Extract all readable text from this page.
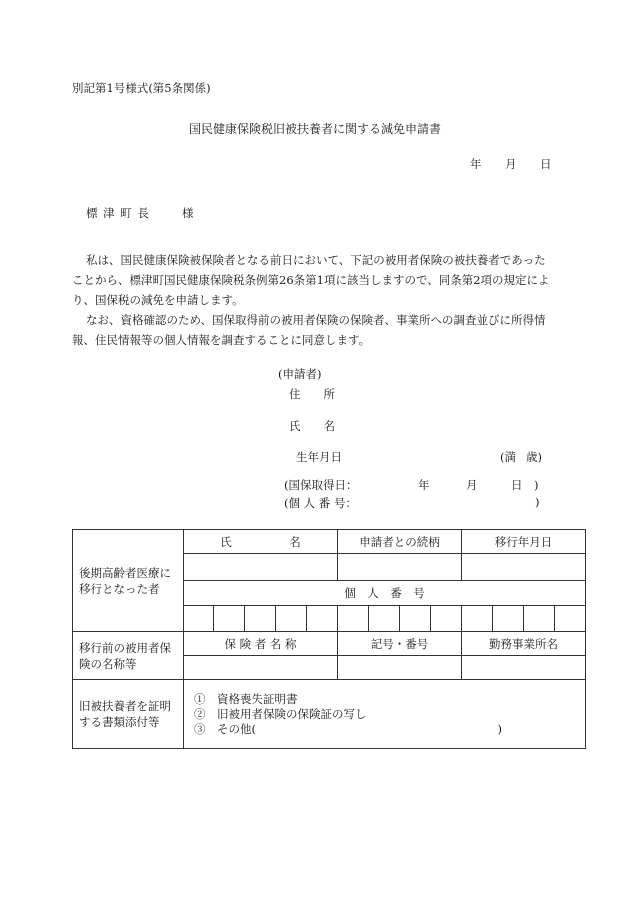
別記第1号様式(第5条関係)
国民健康保険税旧被扶養者に関する減免申請書
年 月 日
標 津 町 長	様
私は、国民健康保険被保険者となる前日において、下記の被用者保険の被扶養者であった
ことから、標津町国民健康保険税条例第26条第1項に該当しますので、同条第2項の規定によ
り、国保税の減免を申請します。
なお、資格確認のため、国保取得前の被用者保険の保険者、事業所への調査並びに所得情
報、住民情報等の個人情報を調査することに同意します。
(申請者)
住　　所
氏　　名
生年月日	(満 歳)
(国保取得日：	年	月	日　)
(個 人 番 号：	)
後期高齢者医療に移行となった者	氏　　　　　名					申請者との続柄				移行年月日			

	個　人　番　号												

移行前の被用者保険の名称等	保 険 者 名 称					記号・番号				勤務事業所名			

旧被扶養者を証明する書類添付等	①　資格喪失証明書
②　旧被用者保険の保険証の写し
③　その他(　　　　　　　　　　　　　　　　　　　　　)												
